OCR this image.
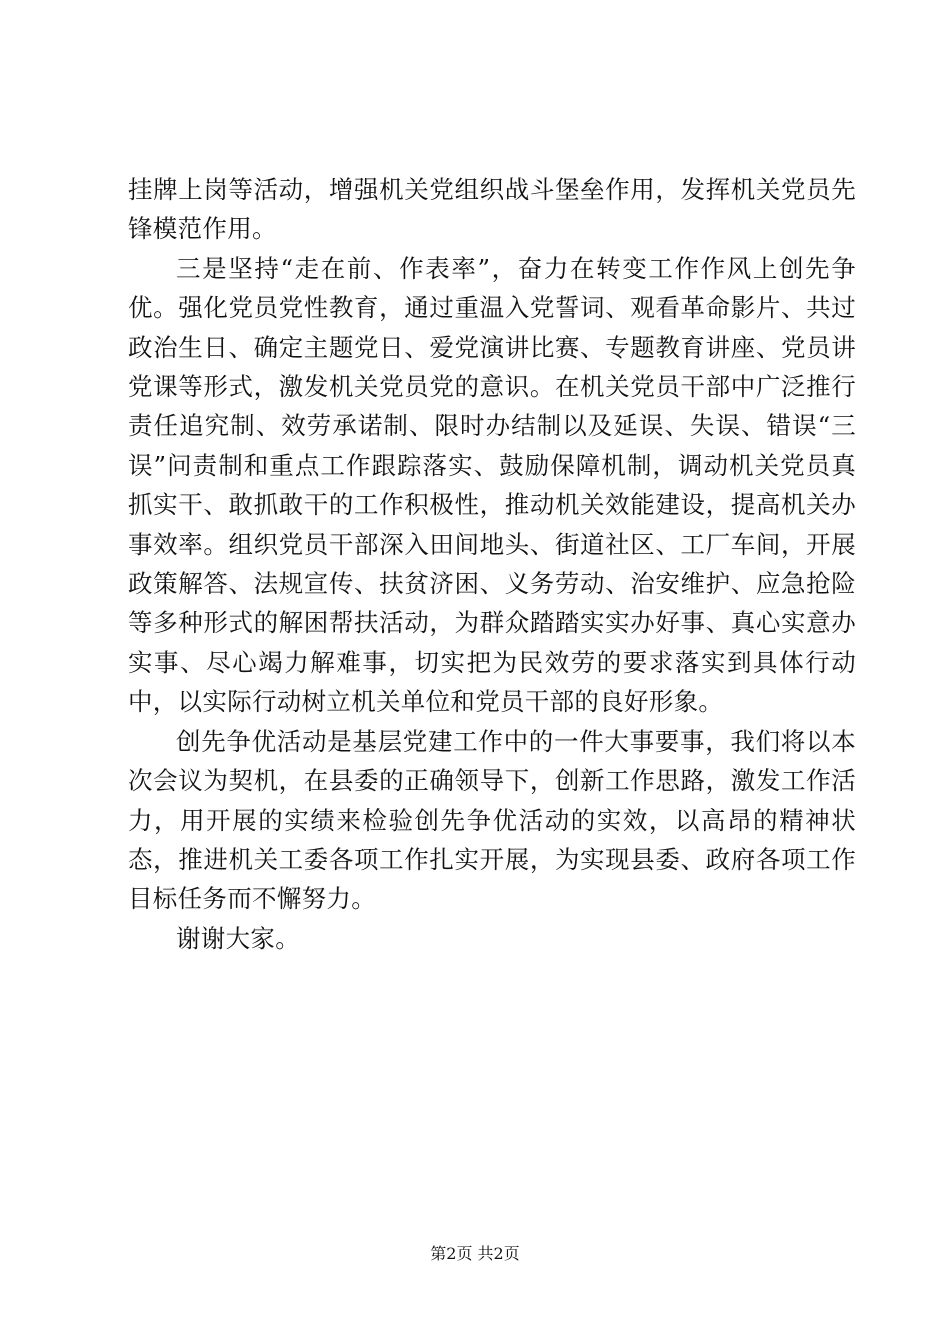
挂牌上岗等活动，增强机关党组织战斗堡垒作用，发挥机关党员先锋模范作用。

三是坚持“走在前、作表率”，奋力在转变工作作风上创先争优。强化党员党性教育，通过重温入党誓词、观看革命影片、共过政治生日、确定主题党日、爱党演讲比赛、专题教育讲座、党员讲党课等形式，激发机关党员党的意识。在机关党员干部中广泛推行责任追究制、效劳承诺制、限时办结制以及延误、失误、错误“三误”问责制和重点工作跟踪落实、鼓励保障机制，调动机关党员真抓实干、敢抓敢干的工作积极性，推动机关效能建设，提高机关办事效率。组织党员干部深入田间地头、街道社区、工厂车间，开展政策解答、法规宣传、扶贫济困、义务劳动、治安维护、应急抢险等多种形式的解困帮扶活动，为群众踏踏实实办好事、真心实意办实事、尽心竭力解难事，切实把为民效劳的要求落实到具体行动中，以实际行动树立机关单位和党员干部的良好形象。

创先争优活动是基层党建工作中的一件大事要事，我们将以本次会议为契机，在县委的正确领导下，创新工作思路，激发工作活力，用开展的实绩来检验创先争优活动的实效，以高昂的精神状态，推进机关工委各项工作扎实开展，为实现县委、政府各项工作目标任务而不懈努力。

谢谢大家。

第2页 共2页
